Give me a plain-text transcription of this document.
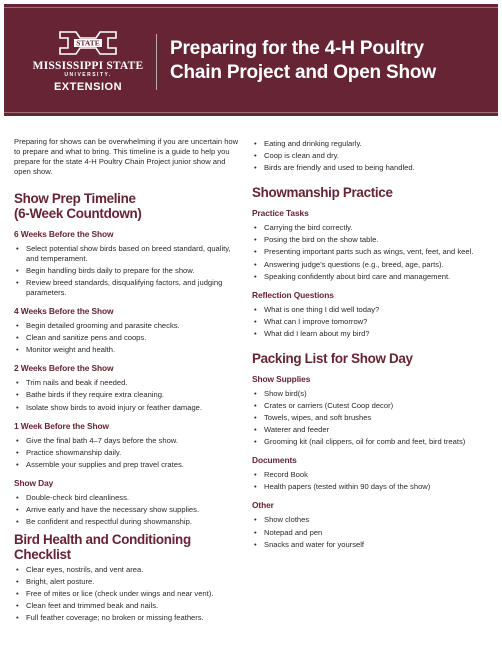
STATE
MISSISSIPPI STATE
UNIVERSITY.
EXTENSION
Preparing for the 4-H Poultry
Chain Project and Open Show

Preparing for shows can be overwhelming if you are uncertain how to prepare and what to bring. This timeline is a guide to help you prepare for the state 4-H Poultry Chain Project junior show and open show.

Show Prep Timeline
(6-Week Countdown)
6 Weeks Before the Show
• Select potential show birds based on breed standard, quality, and temperament.
• Begin handling birds daily to prepare for the show.
• Review breed standards, disqualifying factors, and judging parameters.
4 Weeks Before the Show
• Begin detailed grooming and parasite checks.
• Clean and sanitize pens and coops.
• Monitor weight and health.
2 Weeks Before the Show
• Trim nails and beak if needed.
• Bathe birds if they require extra cleaning.
• Isolate show birds to avoid injury or feather damage.
1 Week Before the Show
• Give the final bath 4–7 days before the show.
• Practice showmanship daily.
• Assemble your supplies and prep travel crates.
Show Day
• Double-check bird cleanliness.
• Arrive early and have the necessary show supplies.
• Be confident and respectful during showmanship.
Bird Health and Conditioning Checklist
• Clear eyes, nostrils, and vent area.
• Bright, alert posture.
• Free of mites or lice (check under wings and near vent).
• Clean feet and trimmed beak and nails.
• Full feather coverage; no broken or missing feathers.
• Eating and drinking regularly.
• Coop is clean and dry.
• Birds are friendly and used to being handled.
Showmanship Practice
Practice Tasks
• Carrying the bird correctly.
• Posing the bird on the show table.
• Presenting important parts such as wings, vent, feet, and keel.
• Answering judge’s questions (e.g., breed, age, parts).
• Speaking confidently about bird care and management.
Reflection Questions
• What is one thing I did well today?
• What can I improve tomorrow?
• What did I learn about my bird?
Packing List for Show Day
Show Supplies
• Show bird(s)
• Crates or carriers (Cutest Coop decor)
• Towels, wipes, and soft brushes
• Waterer and feeder
• Grooming kit (nail clippers, oil for comb and feet, bird treats)
Documents
• Record Book
• Health papers (tested within 90 days of the show)
Other
• Show clothes
• Notepad and pen
• Snacks and water for yourself
